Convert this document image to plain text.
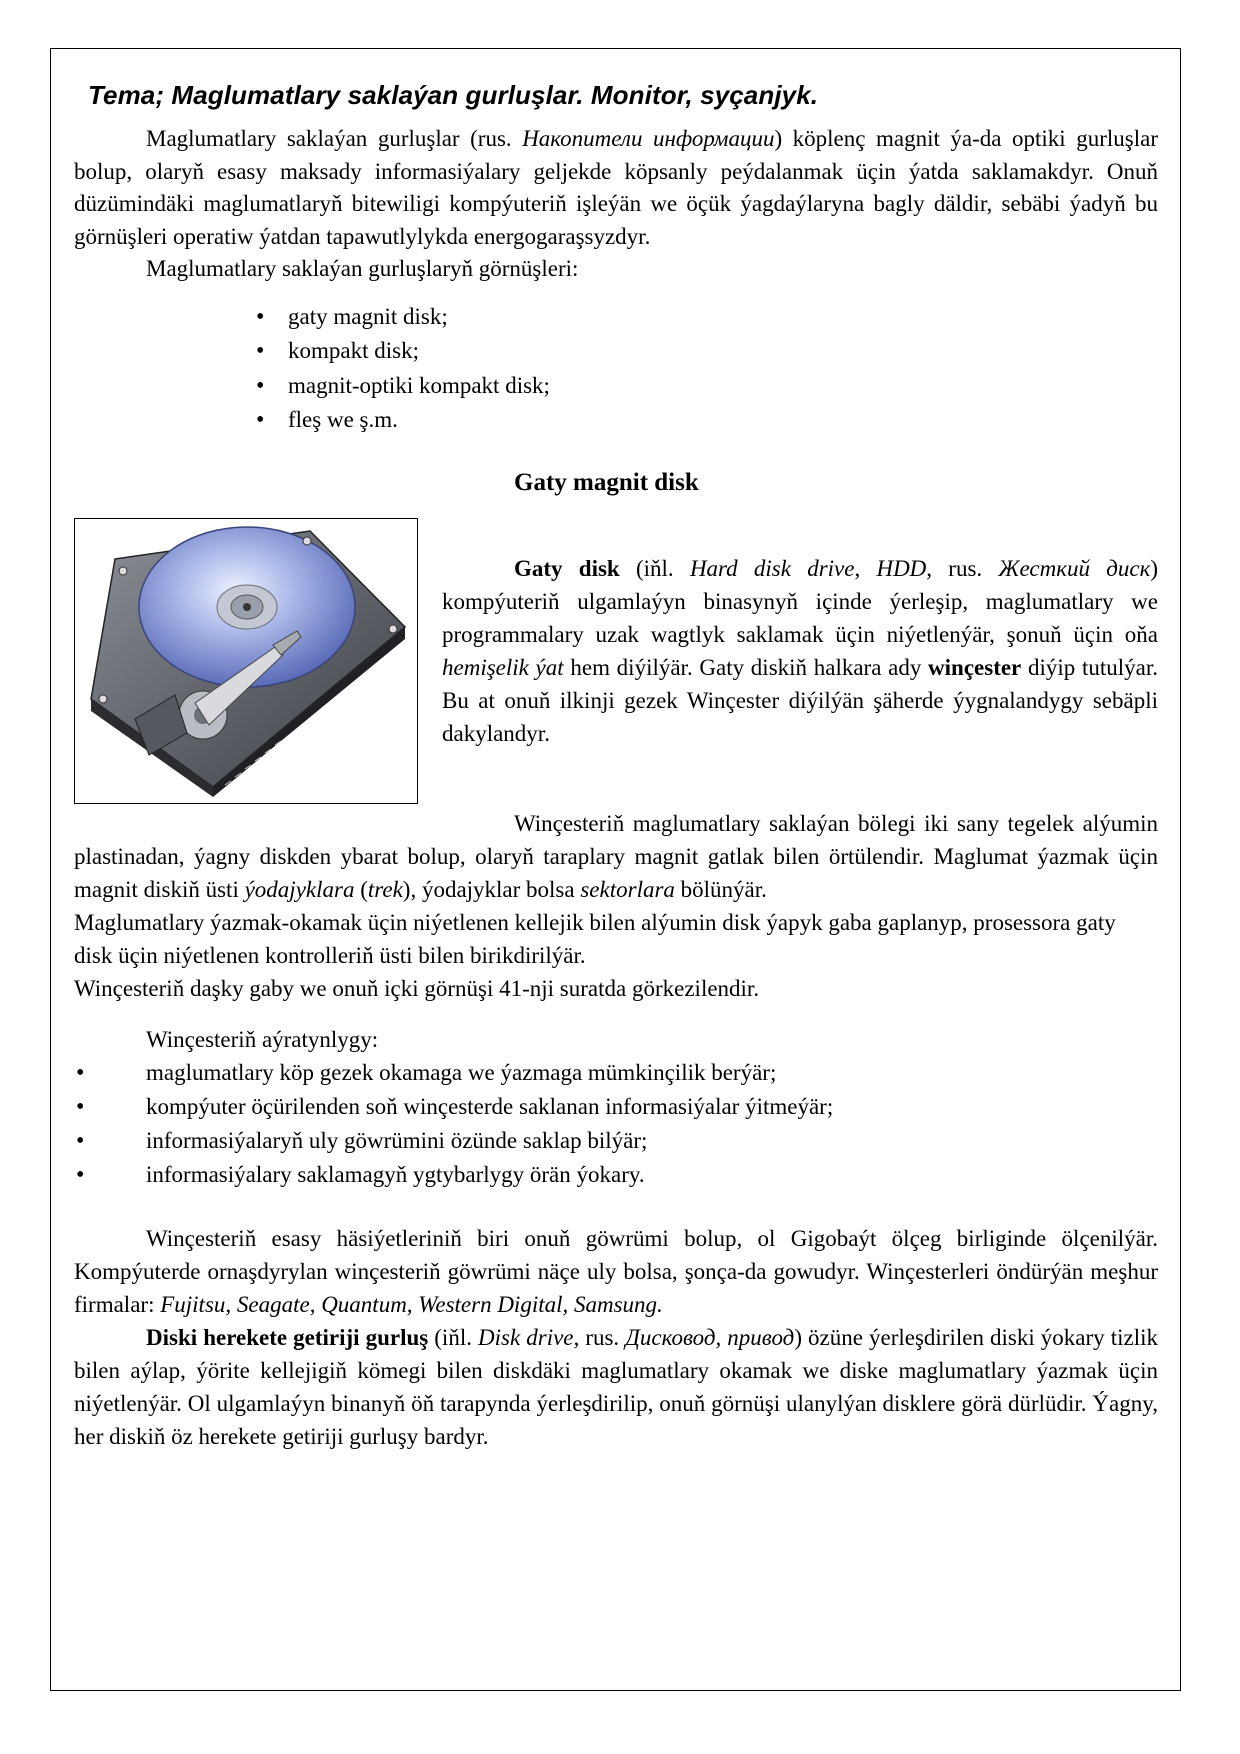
Tema; Maglumatlary saklaýan gurluşlar. Monitor, syçanjyk.

Maglumatlary saklaýan gurluşlar (rus. Накопители информации) köplenç magnit ýa-da optiki gurluşlar bolup, olaryň esasy maksady informasiýalary geljekde köpsanly peýdalanmak üçin ýatda saklamakdyr. Onuň düzümindäki maglumatlaryň bitewiligi kompýuteriň işleýän we öçük ýagdaýlaryna bagly däldir, sebäbi ýadyň bu görnüşleri operatiw ýatdan tapawutlylykda energogaraşsyzdyr.

Maglumatlary saklaýan gurluşlaryň görnüşleri:

• gaty magnit disk;
• kompakt disk;
• magnit-optiki kompakt disk;
• fleş we ş.m.
Gaty magnit disk

Gaty disk (iňl. Hard disk drive, HDD, rus. Жесткий диск) kompýuteriň ulgamlaýyn binasynyň içinde ýerleşip, maglumatlary we programmalary uzak wagtlyk saklamak üçin niýetlenýär, şonuň üçin oňa hemişelik ýat hem diýilýär. Gaty diskiň halkara ady winçester diýip tutulýar. Bu at onuň ilkinji gezek Winçester diýilýän şäherde ýygnalandygy sebäpli dakylandyr.

Winçesteriň maglumatlary saklaýan bölegi iki sany tegelek alýumin plastinadan, ýagny diskden ybarat bolup, olaryň taraplary magnit gatlak bilen örtülendir. Maglumat ýazmak üçin magnit diskiň üsti ýodajyklara (trek), ýodajyklar bolsa sektorlara bölünýär.

Maglumatlary ýazmak-okamak üçin niýetlenen kellejik bilen alýumin disk ýapyk gaba gaplanyp, prosessora gaty disk üçin niýetlenen kontrolleriň üsti bilen birikdirilýär.

Winçesteriň daşky gaby we onuň içki görnüşi 41-nji suratda görkezilendir.

Winçesteriň aýratynlygy:

• maglumatlary köp gezek okamaga we ýazmaga mümkinçilik berýär;
• kompýuter öçürilenden soň winçesterde saklanan informasiýalar ýitmeýär;
• informasiýalaryň uly göwrümini özünde saklap bilýär;
• informasiýalary saklamagyň ygtybarlygy örän ýokary.

Winçesteriň esasy häsiýetleriniň biri onuň göwrümi bolup, ol Gigobaýt ölçeg birliginde ölçenilýär. Kompýuterde ornaşdyrylan winçesteriň göwrümi näçe uly bolsa, şonça-da gowudyr. Winçesterleri öndürýän meşhur firmalar: Fujitsu, Seagate, Quantum, Western Digital, Samsung.

Diski herekete getiriji gurluş (iňl. Disk drive, rus. Дисковод, привод) özüne ýerleşdirilen diski ýokary tizlik bilen aýlap, ýörite kellejigiň kömegi bilen diskdäki maglumatlary okamak we diske maglumatlary ýazmak üçin niýetlenýär. Ol ulgamlaýyn binanyň öň tarapynda ýerleşdirilip, onuň görnüşi ulanylýan disklere görä dürlüdir. Ýagny, her diskiň öz herekete getiriji gurluşy bardyr.
